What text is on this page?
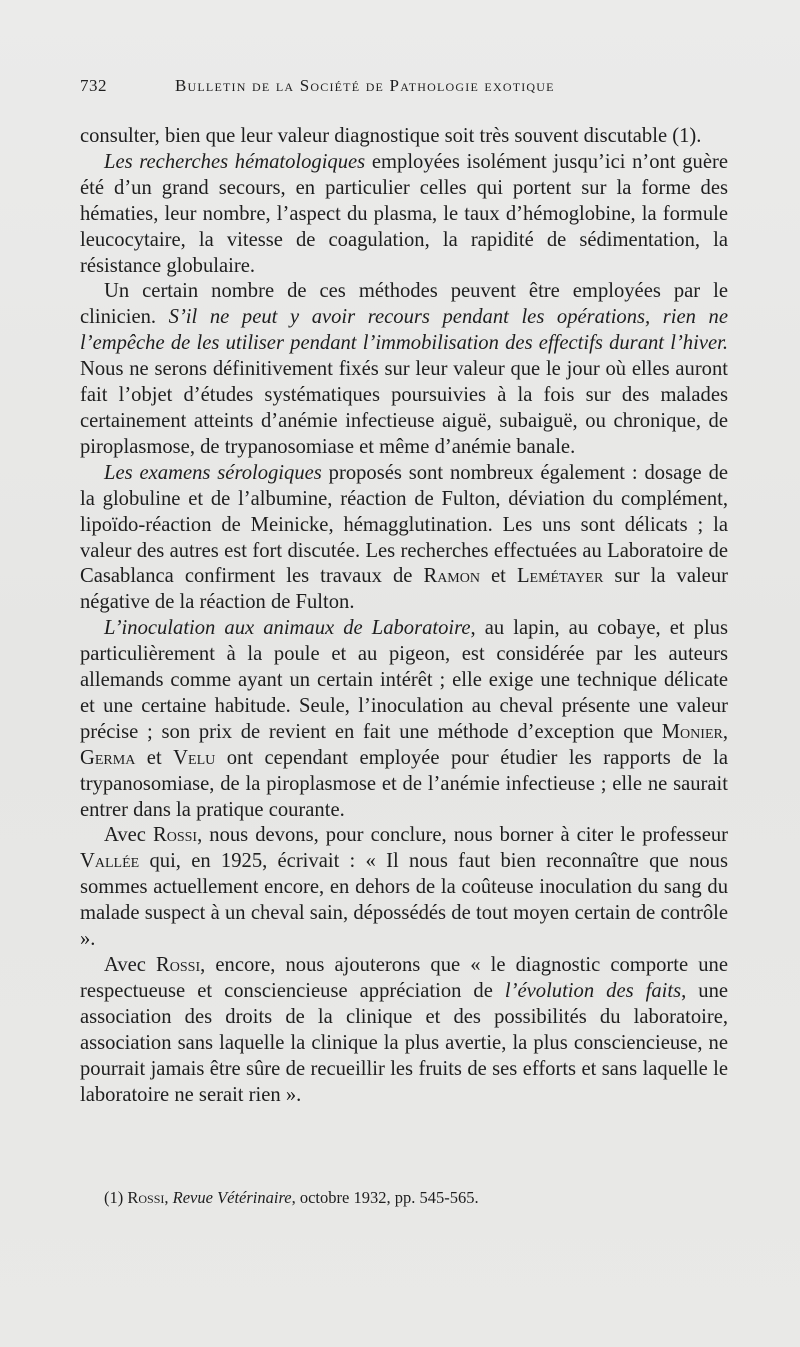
732	Bulletin de la Société de Pathologie exotique

consulter, bien que leur valeur diagnostique soit très souvent discutable (1).

Les recherches hématologiques employées isolément jusqu’ici n’ont guère été d’un grand secours, en particulier celles qui portent sur la forme des hématies, leur nombre, l’aspect du plasma, le taux d’hémoglobine, la formule leucocytaire, la vitesse de coagulation, la rapidité de sédimentation, la résistance globulaire.

Un certain nombre de ces méthodes peuvent être employées par le clinicien. S’il ne peut y avoir recours pendant les opérations, rien ne l’empêche de les utiliser pendant l’immobilisation des effectifs durant l’hiver. Nous ne serons définitivement fixés sur leur valeur que le jour où elles auront fait l’objet d’études systématiques poursuivies à la fois sur des malades certainement atteints d’anémie infectieuse aiguë, subaiguë, ou chronique, de piroplasmose, de trypanosomiase et même d’anémie banale.

Les examens sérologiques proposés sont nombreux également : dosage de la globuline et de l’albumine, réaction de Fulton, déviation du complément, lipoïdo-réaction de Meinicke, hémagglutination. Les uns sont délicats ; la valeur des autres est fort discutée. Les recherches effectuées au Laboratoire de Casablanca confirment les travaux de Ramon et Lemétayer sur la valeur négative de la réaction de Fulton.

L’inoculation aux animaux de Laboratoire, au lapin, au cobaye, et plus particulièrement à la poule et au pigeon, est considérée par les auteurs allemands comme ayant un certain intérêt ; elle exige une technique délicate et une certaine habitude. Seule, l’inoculation au cheval présente une valeur précise ; son prix de revient en fait une méthode d’exception que Monier, Germa et Velu ont cependant employée pour étudier les rapports de la trypanosomiase, de la piroplasmose et de l’anémie infectieuse ; elle ne saurait entrer dans la pratique courante.

Avec Rossi, nous devons, pour conclure, nous borner à citer le professeur Vallée qui, en 1925, écrivait : « Il nous faut bien reconnaître que nous sommes actuellement encore, en dehors de la coûteuse inoculation du sang du malade suspect à un cheval sain, dépossédés de tout moyen certain de contrôle ».

Avec Rossi, encore, nous ajouterons que « le diagnostic comporte une respectueuse et consciencieuse appréciation de l’évolution des faits, une association des droits de la clinique et des possibilités du laboratoire, association sans laquelle la clinique la plus avertie, la plus consciencieuse, ne pourrait jamais être sûre de recueillir les fruits de ses efforts et sans laquelle le laboratoire ne serait rien ».

(1) Rossi, Revue Vétérinaire, octobre 1932, pp. 545-565.
